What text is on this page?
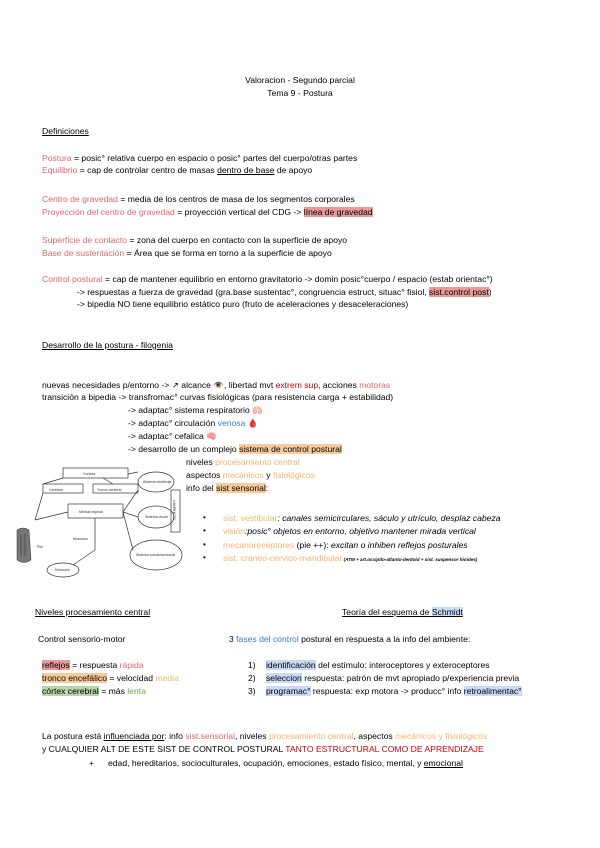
Valoracion - Segundo parcial
Tema 9 - Postura
Definiciones
Postura = posic° relativa cuerpo en espacio o posic° partes del cuerpo/otras partes
Equilibrio = cap de controlar centro de masas dentro de base de apoyo
Centro de gravedad = media de los centros de masa de los segmentos corporales
Proyección del centro de gravedad = proyección vertical del CDG -> línea de gravedad
Superficie de contacto = zona del cuerpo en contacto con la superficie de apoyo
Base de sustentación = Área que se forma en torno a la superficie de apoyo
Control postural = cap de mantener equilibrio en entorno gravitatorio -> domin posic°cuerpo / espacio (estab orientac°)
-> respuestas a fuerza de gravedad (gra.base sustentac°, congruencia estruct, situac° fisiol, sist.control post)
-> bipedia NO tiene equilibrio estático puro (fruto de aceleraciones y desaceleraciones)
Desarrollo de la postura - filogenia
nuevas necesidades p/entorno -> ↗ alcance 👁️, libertad mvt extrem sup, acciones motoras
transición a bipedia -> transfromac° curvas fisiológicas (para resistencia carga + estabilidad)
-> adaptac° sistema respiratorio 🫁
-> adaptac° circulación venosa 🩸
-> adaptac° cefalica 🧠
-> desarrollo de un complejo sistema de control postural
niveles procesamiento central
aspectos mecánicos y fisiológicos
info del sist sensorial:
• sist. vestibular: canales semicirculares, sáculo y utrículo, desplaz cabeza
• visión:posic° objetos en entorno, objetivo mantener mirada vertical
• mecanoreceptores (pie ++): excitan o inhiben reflejos posturales
• sist. craneo-cervico-mandibular (ATM + art.occipito-atlanto-dentoid + sist. suspensor hioides)
Corteza
Cerebelo	Tronco cerebral
Médula espinal
Sistema vestibular
Sistema visual
Sistema somatosensorial
Músculos
Piel
Músculos
LABERINTO
Niveles procesamiento central
Control sensorio-motor
reflejos = respuesta rápida
tronco encefálico = velocidad media
córtex cerebral = más lenta
Teoría del esquema de Schmidt
3 fases del control postural en respuesta a la info del ambiente:
1) identificación del estímulo: interoceptores y exteroceptores
2) seleccion respuesta: patrón de mvt apropiado p/experiencia previa
3) programac° respuesta: exp motora -> producc° info retroalimentac°
La postura está influenciada por: info sist.sensorial, niveles procesamiento central, aspectos mecánicos y fisiológicos
y CUALQUIER ALT DE ESTE SIST DE CONTROL POSTURAL TANTO ESTRUCTURAL COMO DE APRENDIZAJE
+ edad, hereditarios, socioculturales, ocupación, emociones, estado físico, mental, y emocional
